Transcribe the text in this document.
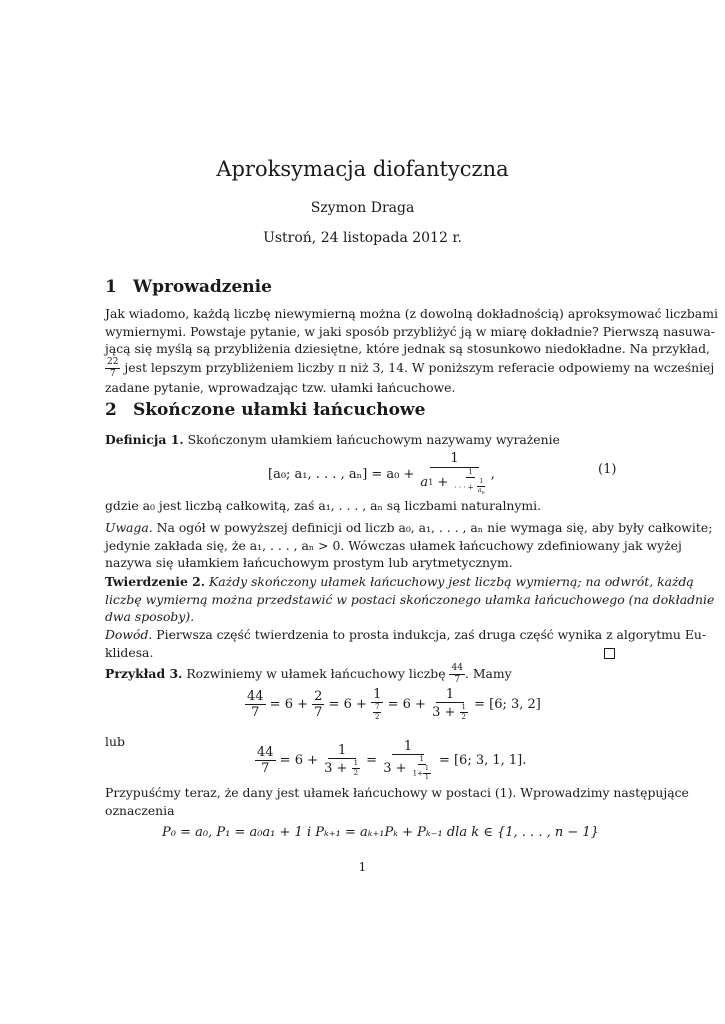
Aproksymacja diofantyczna
Szymon Draga
Ustroń, 24 listopada 2012 r.
1 Wprowadzenie
Jak wiadomo, każdą liczbę niewymierną można (z dowolną dokładnością) aproksymować liczbami
wymiernymi. Powstaje pytanie, w jaki sposób przybliżyć ją w miarę dokładnie? Pierwszą nasuwa-
jącą się myślą są przybliżenia dziesiętne, które jednak są stosunkowo niedokładne. Na przykład,
$\frac{22}{7}$ jest lepszym przybliżeniem liczby π niż 3, 14. W poniższym referacie odpowiemy na wcześniej
zadane pytanie, wprowadzając tzw. ułamki łańcuchowe.
2 Skończone ułamki łańcuchowe
Definicja 1. Skończonym ułamkiem łańcuchowym nazywamy wyrażenie
[a₀; a₁, . . . , $a_n] = a_0 + \frac{1}{a 1 + \frac{1}{\cdot \cdot \cdot + \frac{1}{a_n}}}$ ,	(1)
gdzie a₀ jest liczbą całkowitą, zaś a₁, . . . , aₙ są liczbami naturalnymi.
Uwaga. Na ogół w powyższej definicji od liczb a₀, a₁, . . . , aₙ nie wymaga się, aby były całkowite;
jedynie zakłada się, że a₁, . . . , aₙ > 0. Wówczas ułamek łańcuchowy zdefiniowany jak wyżej
nazywa się ułamkiem łańcuchowym prostym lub arytmetycznym.
Twierdzenie 2. Każdy skończony ułamek łańcuchowy jest liczbą wymierną; na odwrót, każdą
liczbę wymierną można przedstawić w postaci skończonego ułamka łańcuchowego (na dokładnie
dwa sposoby).
Dowód. Pierwsza część twierdzenia to prosta indukcja, zaś druga część wynika z algorytmu Eu-
klidesa.
Przykład 3. Rozwiniemy w ułamek łańcuchowy liczbę $\frac{44}{7}$ . Mamy
$\frac{44}{7} = 6 + \frac{2}{7} = 6 + \frac{1}{\frac{7}{2}} = 6 + \frac{1}{3 + \frac{1}{2}}$
= [6; 3, 2]
lub
$\frac{44}{7} = 6 + \frac{1}{3 + \frac{1}{2}} = \frac{1}{3 + \frac{1}{1+ \frac{1}{1}}}$
= [6; 3, 1, 1].
Przypuśćmy teraz, że dany jest ułamek łańcuchowy w postaci (1). Wprowadzimy następujące
oznaczenia
P₀ = a₀, P₁ = a₀a₁ + 1 i Pₖ₊₁ = aₖ₊₁Pₖ + Pₖ₋₁ dla k ∈ {1, . . . , n − 1}
1
